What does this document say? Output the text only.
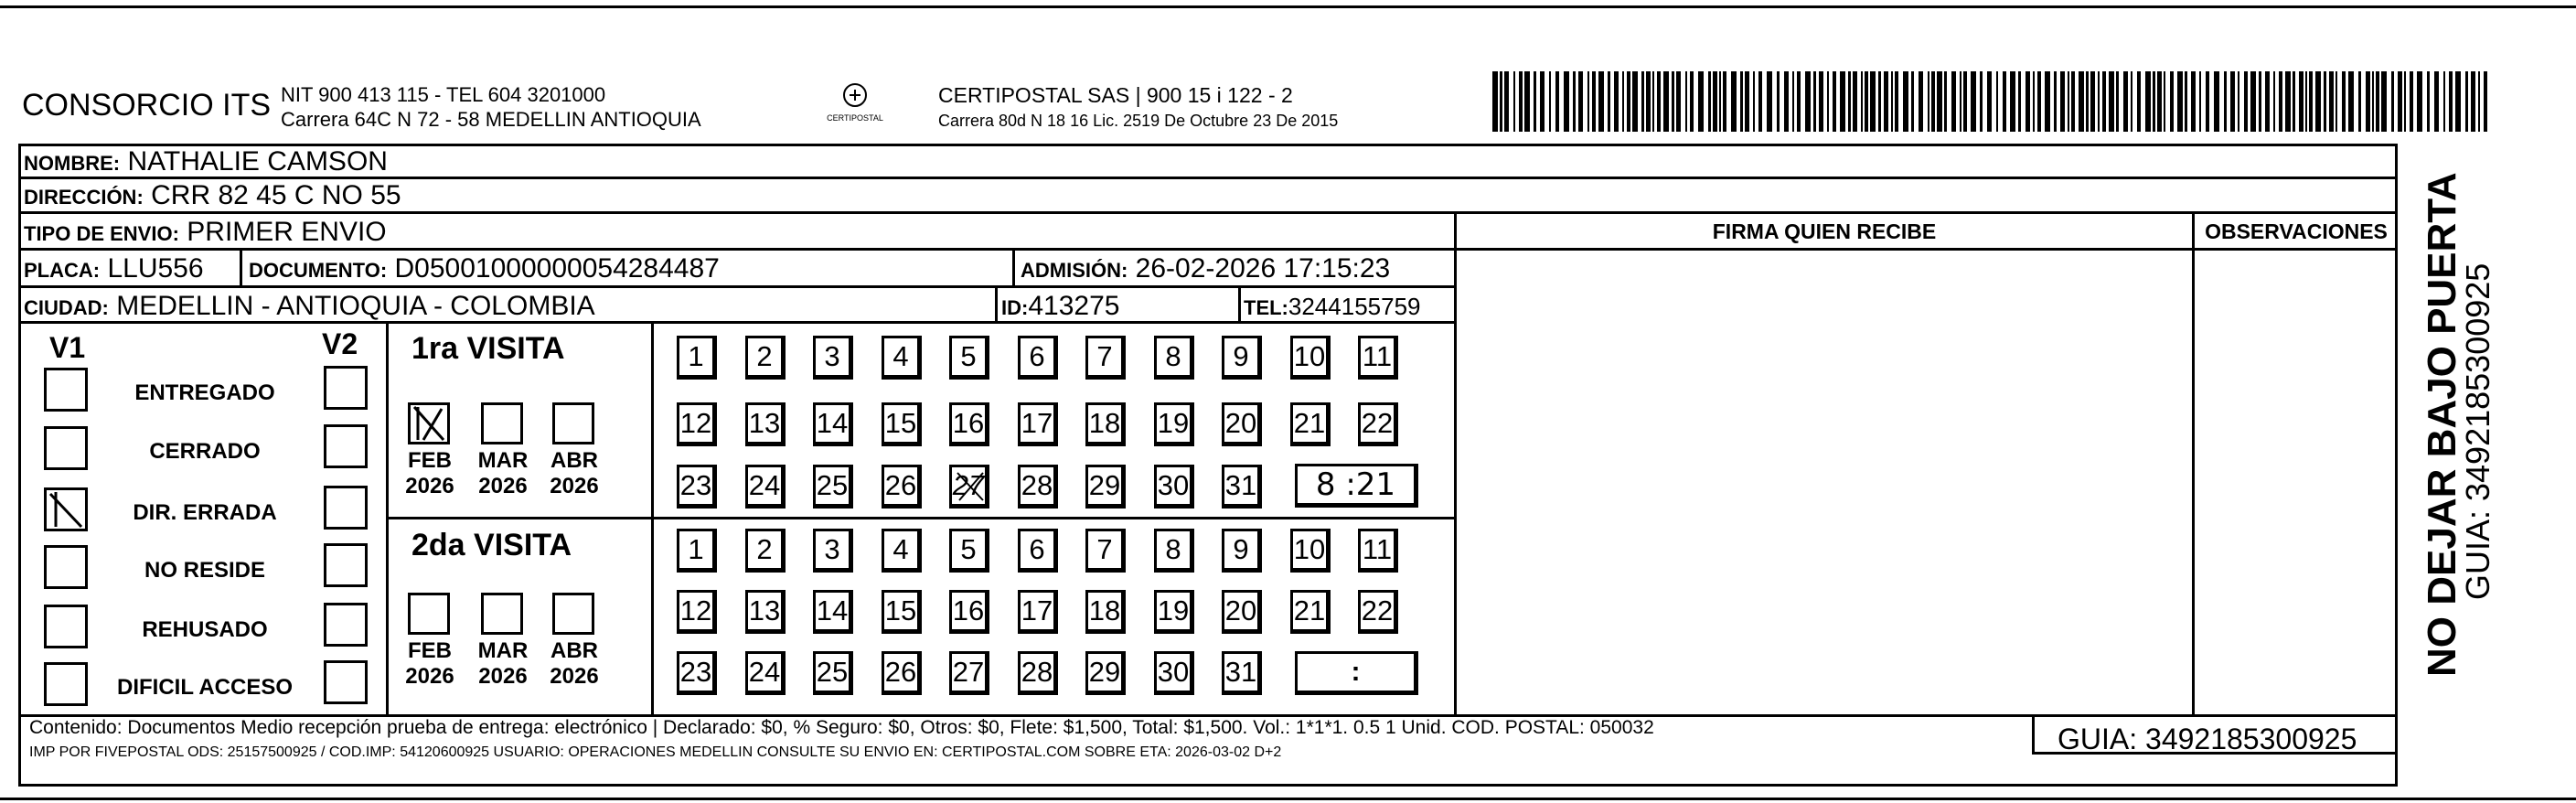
CONSORCIO ITS NIT 900 413 115 - TEL 604 3201000
Carrera 64C N 72 - 58 MEDELLIN ANTIOQUIA	CERTIPOSTAL
CERTIPOSTAL SAS | 900 15 i 122 - 2
Carrera 80d N 18 16 Lic. 2519 De Octubre 23 De 2015
NOMBRE: NATHALIE CAMSON
DIRECCIÓN: CRR 82 45 C NO 55
TIPO DE ENVIO: PRIMER ENVIO
PLACA: LLU556 DOCUMENTO: D05001000000054284487	ADMISIÓN: 26-02-2026 17:15:23
CIUDAD: MEDELLIN - ANTIOQUIA - COLOMBIA	ID:413275	TEL:3244155759
FIRMA QUIEN RECIBE	OBSERVACIONES
V1	V2
ENTREGADO
CERRADO
DIR. ERRADA
NO RESIDE
REHUSADO
DIFICIL ACCESO
1ra VISITA
2da VISITA
FEB
2026
MAR
2026
ABR
2026
FEB
2026
MAR
2026
ABR
2026
1 2 3 4 5 6 7 8 9 10 11
12 13 14 15 16 17 18 19 20 21 22
23 24 25 26 27 28 29 30 31
1 2 3 4 5 6 7 8 9 10 11
12 13 14 15 16 17 18 19 20 21 22
23 24 25 26 27 28 29 30 31
8 :21
:
Contenido: Documentos Medio recepción prueba de entrega: electrónico | Declarado: $0, % Seguro: $0, Otros: $0, Flete: $1,500, Total: $1,500. Vol.: 1*1*1. 0.5 1 Unid. COD. POSTAL: 050032
IMP POR FIVEPOSTAL ODS: 25157500925 / COD.IMP: 54120600925 USUARIO: OPERACIONES MEDELLIN CONSULTE SU ENVIO EN: CERTIPOSTAL.COM SOBRE ETA: 2026-03-02 D+2	GUIA: 3492185300925
NO DEJAR BAJO PUERTA
GUIA: 3492185300925
